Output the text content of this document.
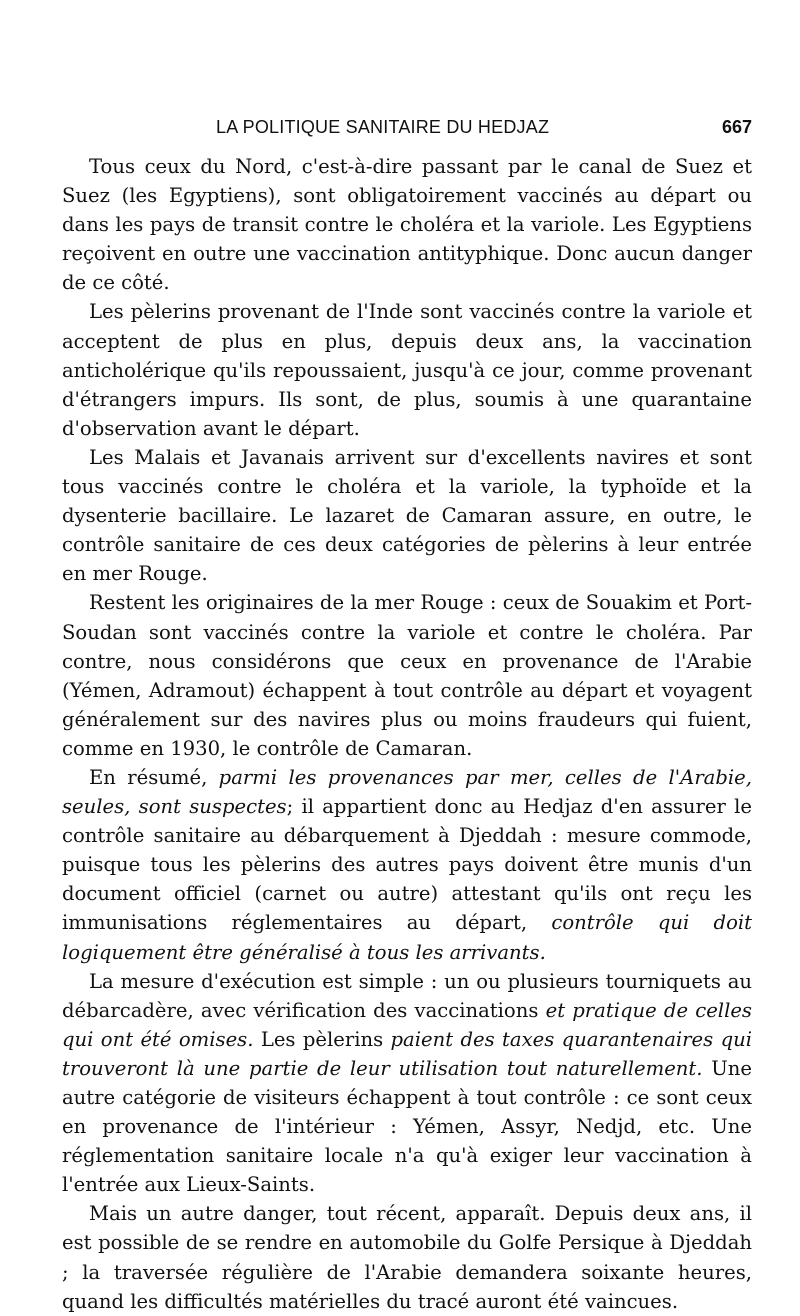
LA POLITIQUE SANITAIRE DU HEDJAZ	667

Tous ceux du Nord, c'est-à-dire passant par le canal de Suez et Suez (les Egyptiens), sont obligatoirement vaccinés au départ ou dans les pays de transit contre le choléra et la variole. Les Egyptiens reçoivent en outre une vaccination antityphique. Donc aucun danger de ce côté.

Les pèlerins provenant de l'Inde sont vaccinés contre la variole et acceptent de plus en plus, depuis deux ans, la vaccination anticholérique qu'ils repoussaient, jusqu'à ce jour, comme provenant d'étrangers impurs. Ils sont, de plus, soumis à une quarantaine d'observation avant le départ.

Les Malais et Javanais arrivent sur d'excellents navires et sont tous vaccinés contre le choléra et la variole, la typhoïde et la dysenterie bacillaire. Le lazaret de Camaran assure, en outre, le contrôle sanitaire de ces deux catégories de pèlerins à leur entrée en mer Rouge.

Restent les originaires de la mer Rouge : ceux de Souakim et Port-Soudan sont vaccinés contre la variole et contre le choléra. Par contre, nous considérons que ceux en provenance de l'Arabie (Yémen, Adramout) échappent à tout contrôle au départ et voyagent généralement sur des navires plus ou moins fraudeurs qui fuient, comme en 1930, le contrôle de Camaran.

En résumé, parmi les provenances par mer, celles de l'Arabie, seules, sont suspectes; il appartient donc au Hedjaz d'en assurer le contrôle sanitaire au débarquement à Djeddah : mesure commode, puisque tous les pèlerins des autres pays doivent être munis d'un document officiel (carnet ou autre) attestant qu'ils ont reçu les immunisations réglementaires au départ, contrôle qui doit logiquement être généralisé à tous les arrivants.

La mesure d'exécution est simple : un ou plusieurs tourniquets au débarcadère, avec vérification des vaccinations et pratique de celles qui ont été omises. Les pèlerins paient des taxes quarantenaires qui trouveront là une partie de leur utilisation tout naturellement. Une autre catégorie de visiteurs échappent à tout contrôle : ce sont ceux en provenance de l'intérieur : Yémen, Assyr, Nedjd, etc. Une réglementation sanitaire locale n'a qu'à exiger leur vaccination à l'entrée aux Lieux-Saints.

Mais un autre danger, tout récent, apparaît. Depuis deux ans, il est possible de se rendre en automobile du Golfe Persique à Djeddah ; la traversée régulière de l'Arabie demandera soixante heures, quand les difficultés matérielles du tracé auront été vaincues.
